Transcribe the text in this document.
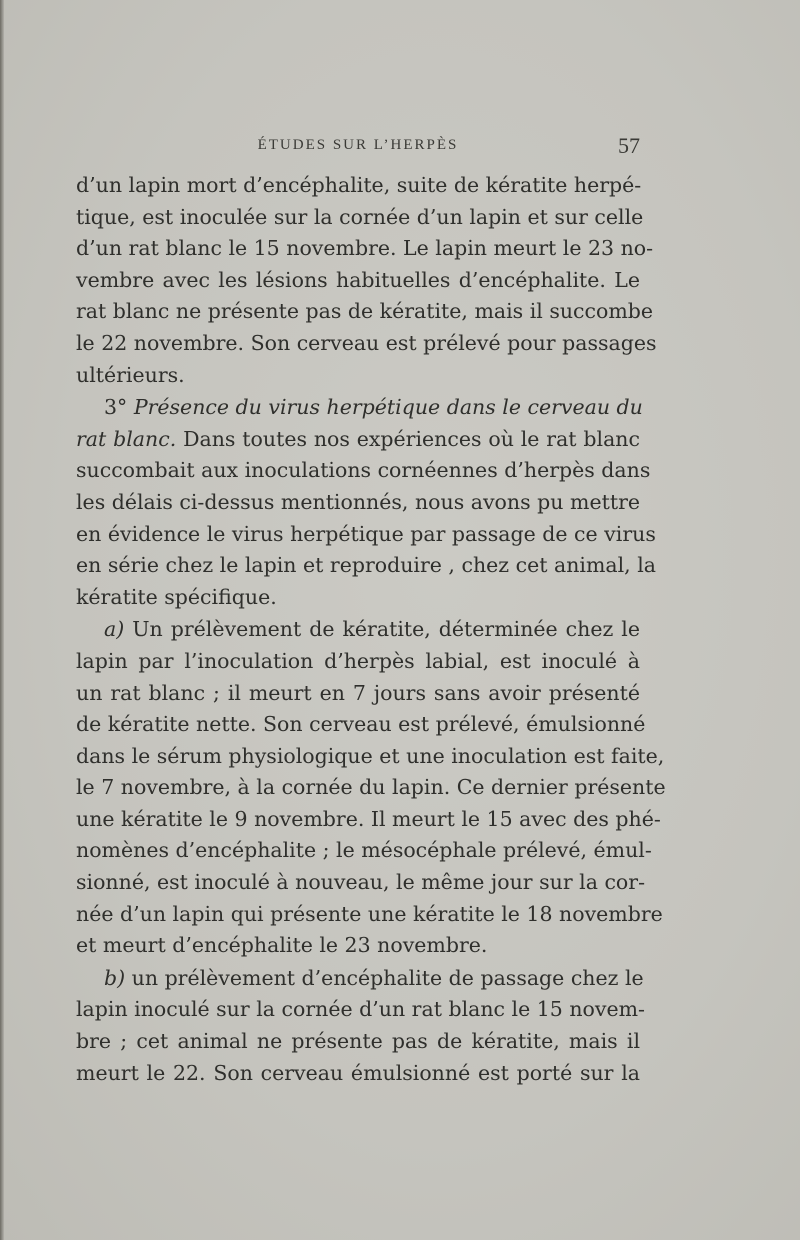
ÉTUDES SUR L’HERPÈS	57

d’un lapin mort d’encéphalite, suite de kératite herpé-
tique, est inoculée sur la cornée d’un lapin et sur celle
d’un rat blanc le 15 novembre. Le lapin meurt le 23 no-
vembre avec les lésions habituelles d’encéphalite. Le
rat blanc ne présente pas de kératite, mais il succombe
le 22 novembre. Son cerveau est prélevé pour passages
ultérieurs.

3° Présence du virus herpétique dans le cerveau du
rat blanc. Dans toutes nos expériences où le rat blanc
succombait aux inoculations cornéennes d’herpès dans
les délais ci-dessus mentionnés, nous avons pu mettre
en évidence le virus herpétique par passage de ce virus
en série chez le lapin et reproduire , chez cet animal, la
kératite spécifique.

a) Un prélèvement de kératite, déterminée chez le
lapin par l’inoculation d’herpès labial, est inoculé à
un rat blanc ; il meurt en 7 jours sans avoir présenté
de kératite nette. Son cerveau est prélevé, émulsionné
dans le sérum physiologique et une inoculation est faite,
le 7 novembre, à la cornée du lapin. Ce dernier présente
une kératite le 9 novembre. Il meurt le 15 avec des phé-
nomènes d’encéphalite ; le mésocéphale prélevé, émul-
sionné, est inoculé à nouveau, le même jour sur la cor-
née d’un lapin qui présente une kératite le 18 novembre
et meurt d’encéphalite le 23 novembre.

b) un prélèvement d’encéphalite de passage chez le
lapin inoculé sur la cornée d’un rat blanc le 15 novem-
bre ; cet animal ne présente pas de kératite, mais il
meurt le 22. Son cerveau émulsionné est porté sur la
